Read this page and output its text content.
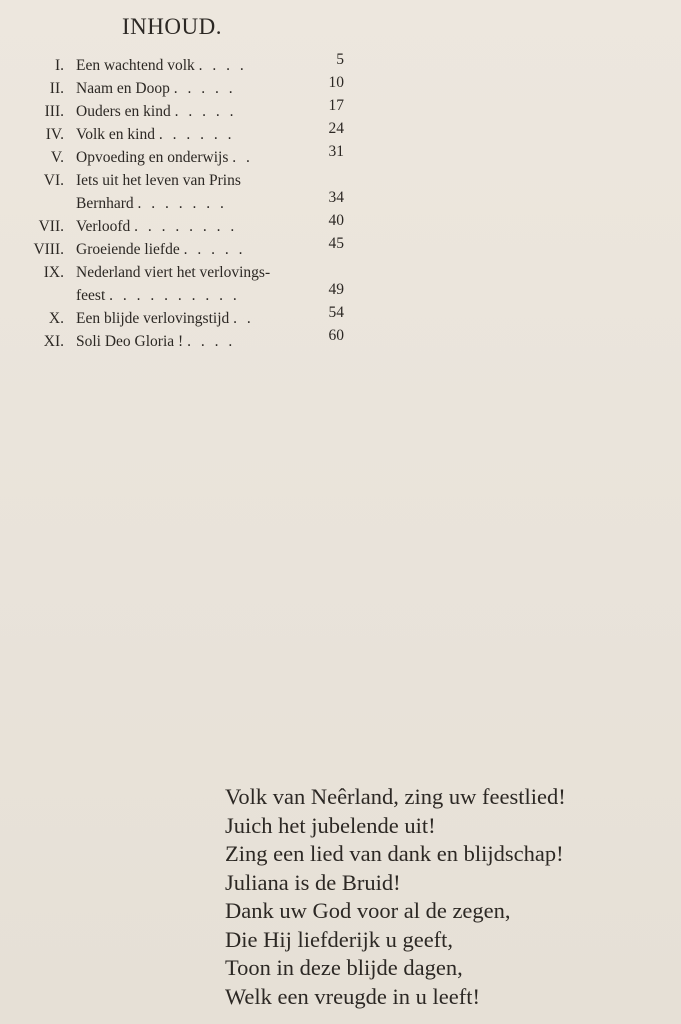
INHOUD.
I. Een wachtend volk . . . .	5
II. Naam en Doop . . . . .	10
III. Ouders en kind . . . . .	17
IV. Volk en kind . . . . . .	24
V. Opvoeding en onderwijs . .	31
VI. Iets uit het leven van Prins
Bernhard . . . . . . .	34
VII. Verloofd . . . . . . . .	40
VIII. Groeiende liefde . . . . .	45
IX. Nederland viert het verlovings-
feest . . . . . . . . . .	49
X. Een blijde verlovingstijd . .	54
XI. Soli Deo Gloria ! . . . .	60
Volk van Neêrland, zing uw feestlied!
Juich het jubelende uit!
Zing een lied van dank en blijdschap!
Juliana is de Bruid!
Dank uw God voor al de zegen,
Die Hij liefderijk u geeft,
Toon in deze blijde dagen,
Welk een vreugde in u leeft!
